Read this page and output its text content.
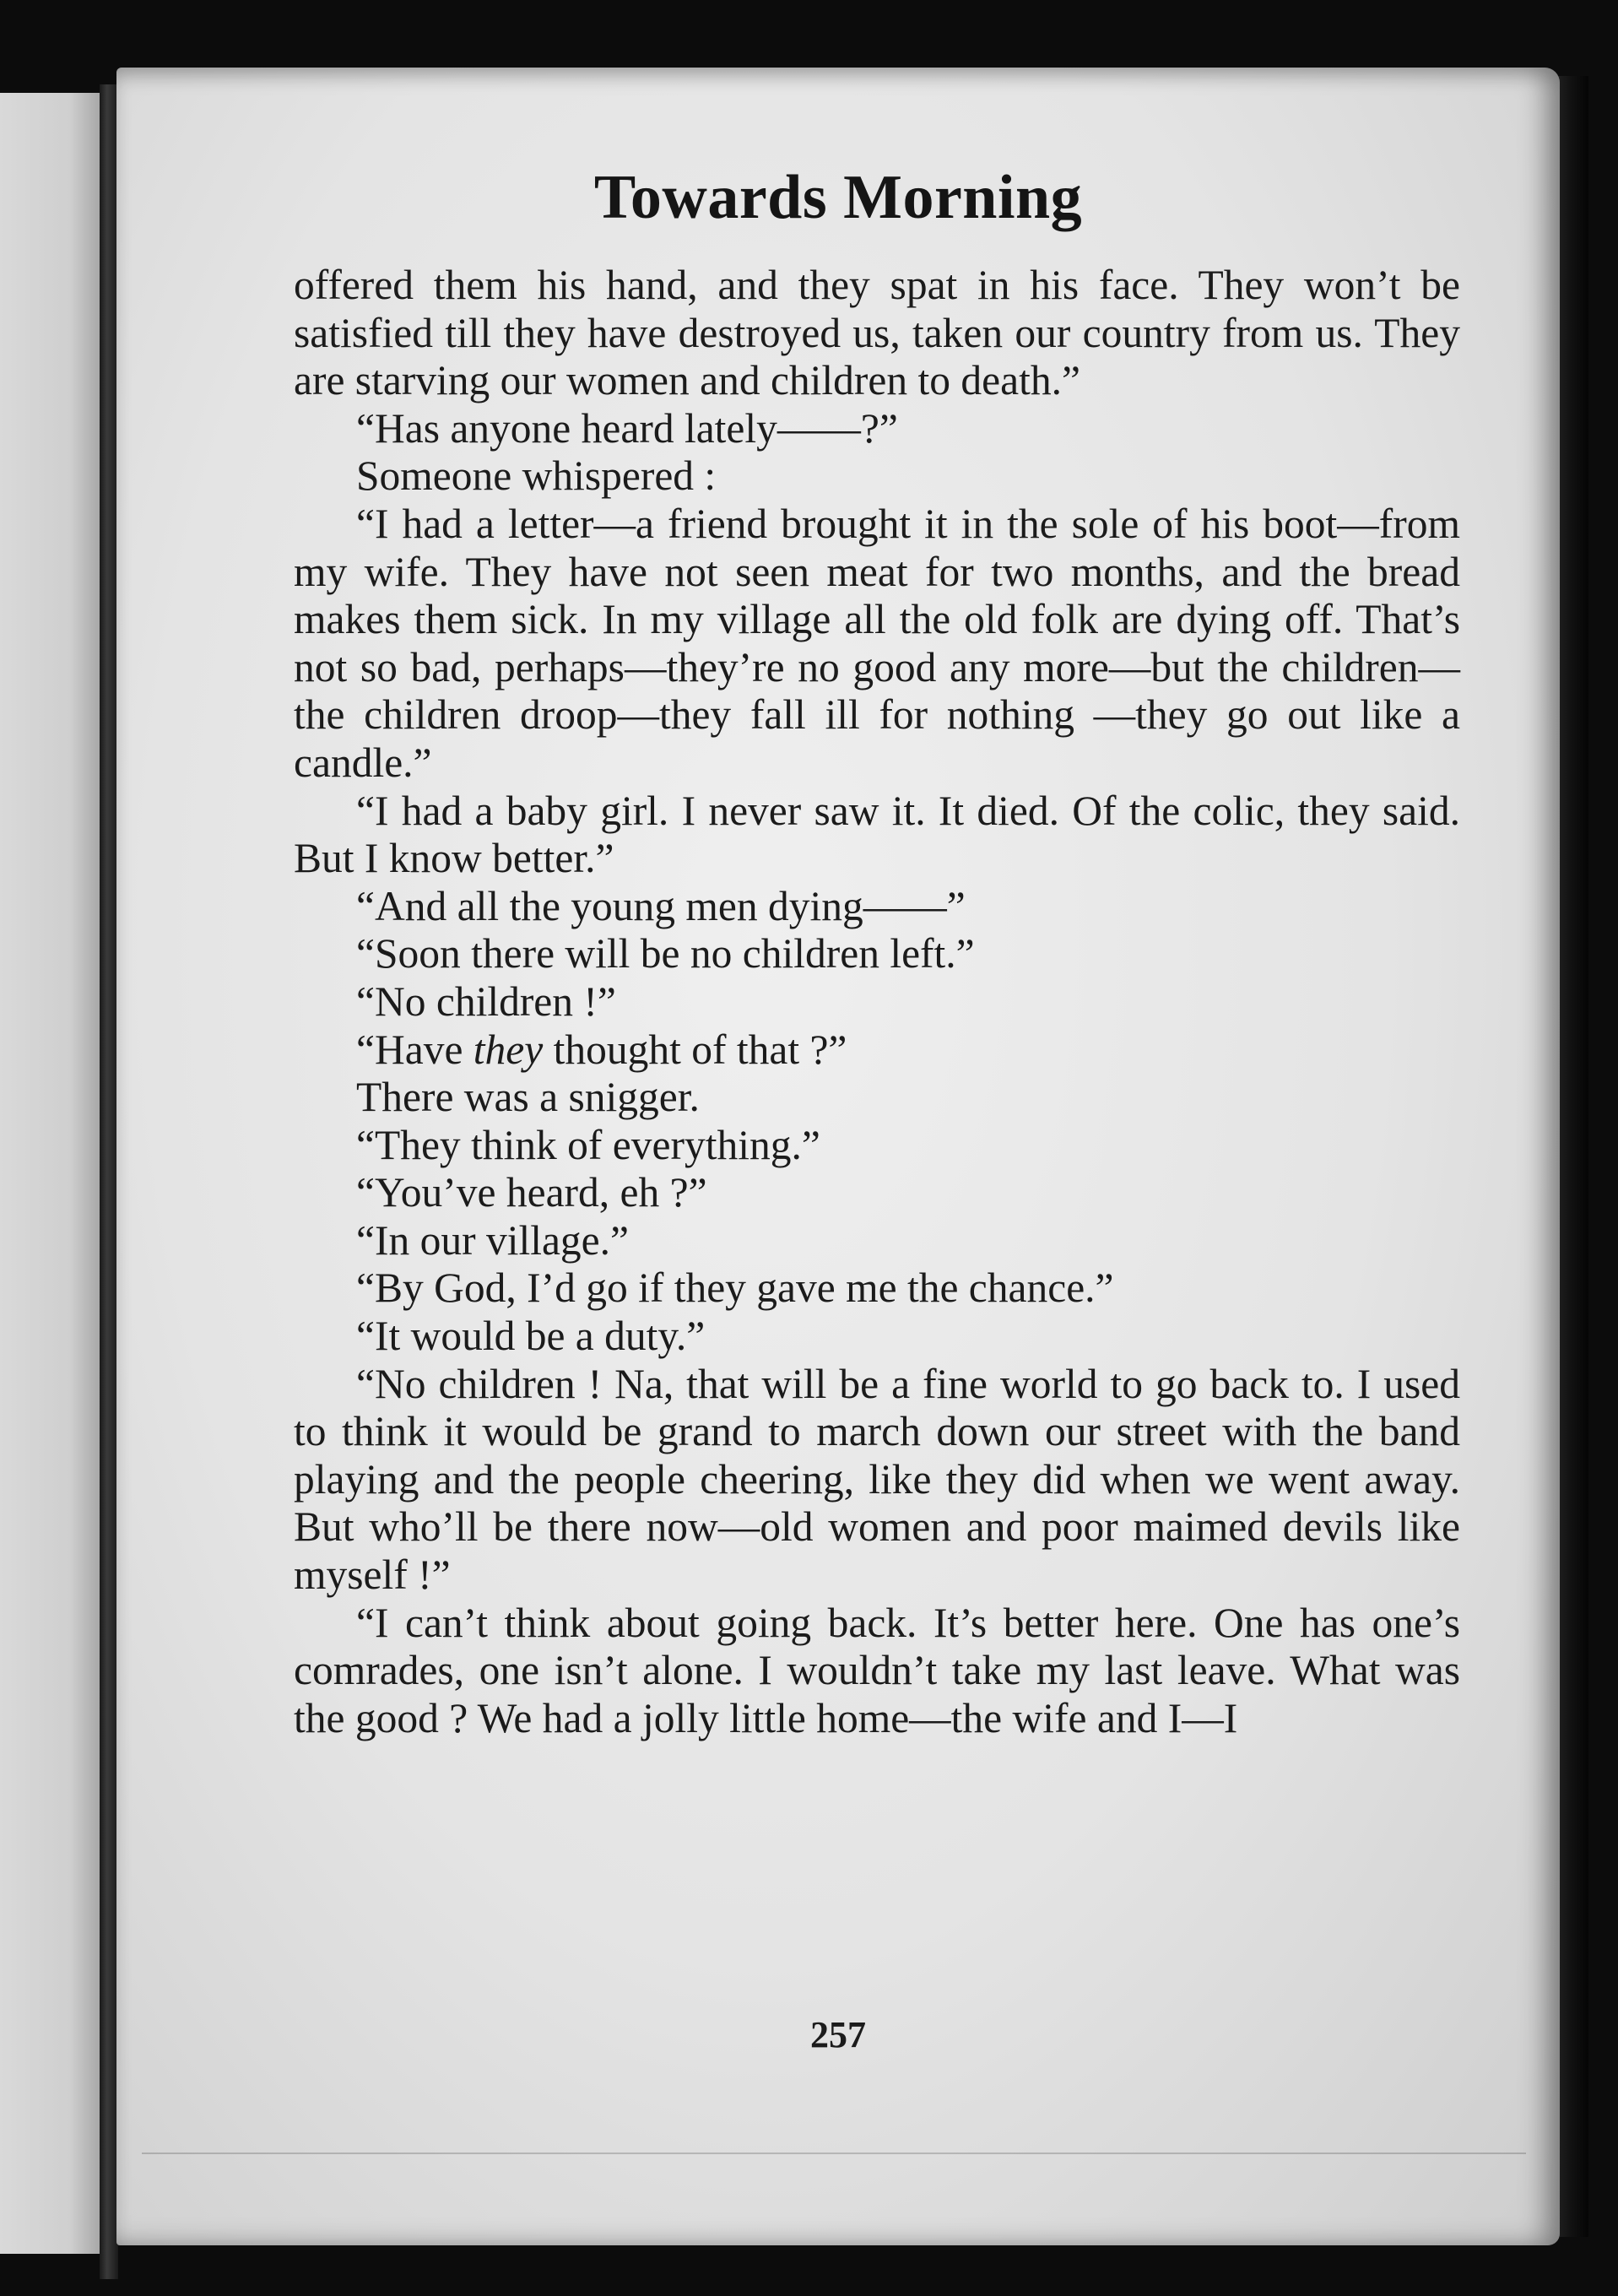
Towards Morning

offered them his hand, and they spat in his face. They won’t be satisfied till they have destroyed us, taken our country from us. They are starving our women and children to death.”

“Has anyone heard lately——?”

Someone whispered :

“I had a letter—a friend brought it in the sole of his boot—from my wife. They have not seen meat for two months, and the bread makes them sick. In my village all the old folk are dying off. That’s not so bad, perhaps—they’re no good any more—but the children—the children droop—they fall ill for nothing —they go out like a candle.”

“I had a baby girl. I never saw it. It died. Of the colic, they said. But I know better.”

“And all the young men dying——”

“Soon there will be no children left.”

“No children !”

“Have they thought of that ?”

There was a snigger.

“They think of everything.”

“You’ve heard, eh ?”

“In our village.”

“By God, I’d go if they gave me the chance.”

“It would be a duty.”

“No children ! Na, that will be a fine world to go back to. I used to think it would be grand to march down our street with the band playing and the people cheering, like they did when we went away. But who’ll be there now—old women and poor maimed devils like myself !”

“I can’t think about going back. It’s better here. One has one’s comrades, one isn’t alone. I wouldn’t take my last leave. What was the good ? We had a jolly little home—the wife and I—I

257
